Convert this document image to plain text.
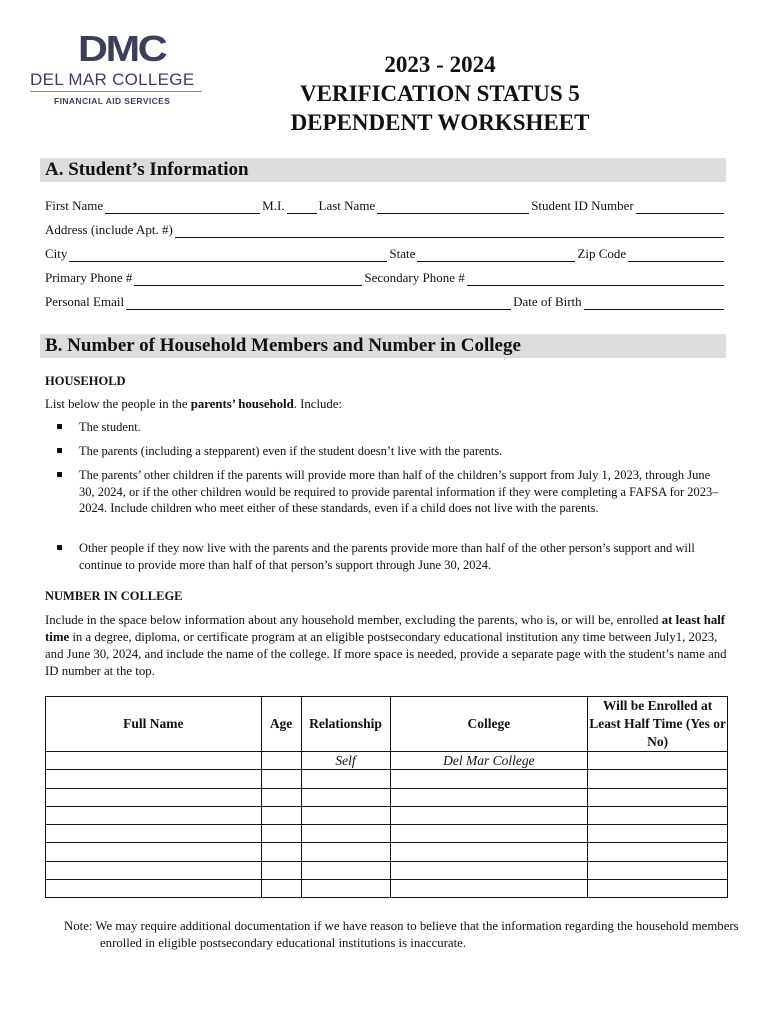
DMC
DEL MAR COLLEGE
FINANCIAL AID SERVICES
2023 - 2024
VERIFICATION STATUS 5
DEPENDENT WORKSHEET
A. Student’s Information
First Name	M.I.	Last Name	Student ID Number
Address (include Apt. #)
City	State	Zip Code
Primary Phone #	Secondary Phone #
Personal Email	Date of Birth
B. Number of Household Members and Number in College
HOUSEHOLD
List below the people in the parents’ household. Include:
The student.
The parents (including a stepparent) even if the student doesn’t live with the parents.
The parents’ other children if the parents will provide more than half of the children’s support from July 1, 2023, through June 30, 2024, or if the other children would be required to provide parental information if they were completing a FAFSA for 2023–2024. Include children who meet either of these standards, even if a child does not live with the parents.
Other people if they now live with the parents and the parents provide more than half of the other person’s support and will continue to provide more than half of that person’s support through June 30, 2024.
NUMBER IN COLLEGE
Include in the space below information about any household member, excluding the parents, who is, or will be, enrolled at least half time in a degree, diploma, or certificate program at an eligible postsecondary educational institution any time between July1, 2023, and June 30, 2024, and include the name of the college. If more space is needed, provide a separate page with the student’s name and ID number at the top.
Full Name	Age	Relationship	College	Will be Enrolled at Least Half Time (Yes or No)
		Self	Del Mar College	

Note: We may require additional documentation if we have reason to believe that the information regarding the household members enrolled in eligible postsecondary educational institutions is inaccurate.
